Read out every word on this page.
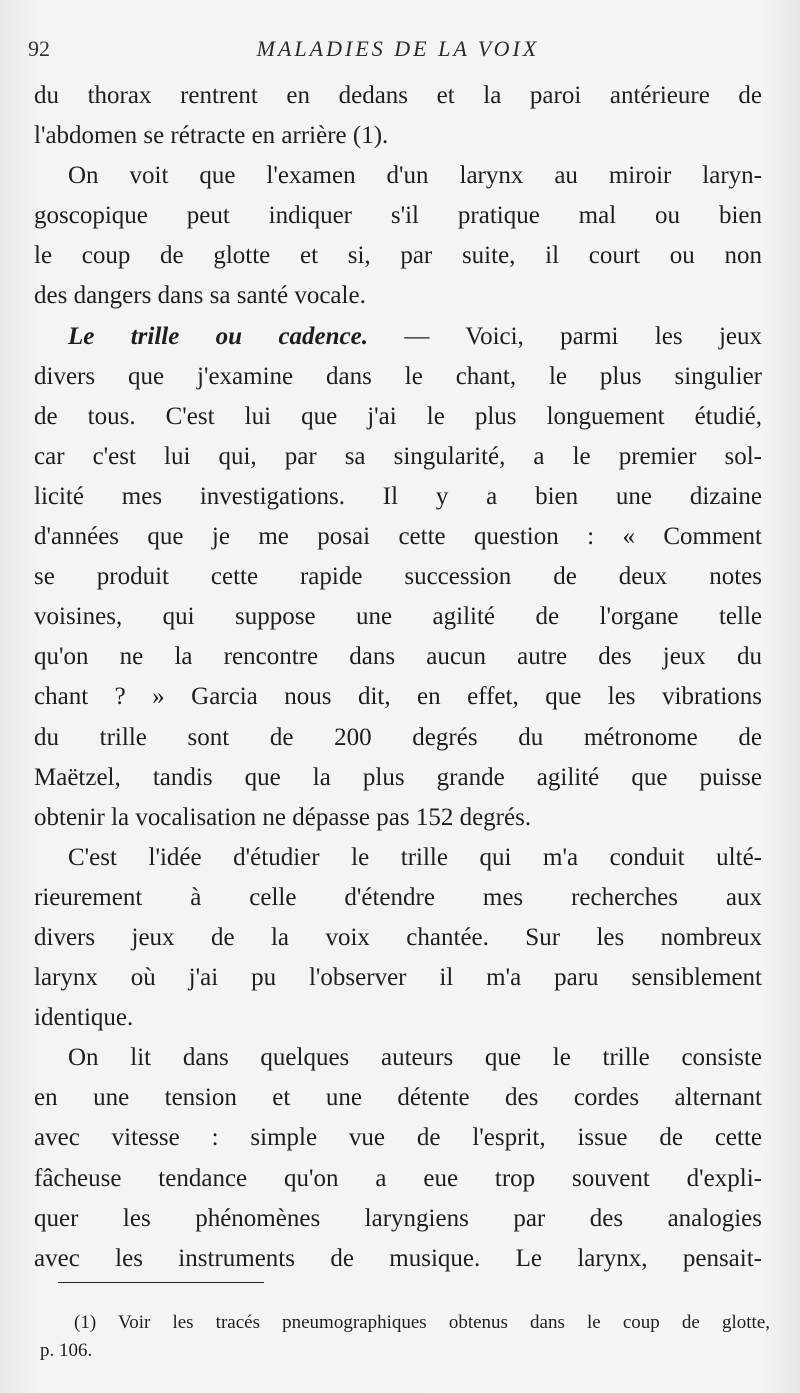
92	MALADIES DE LA VOIX
du thorax rentrent en dedans et la paroi antérieure de
l'abdomen se rétracte en arrière (1).
On voit que l'examen d'un larynx au miroir laryn-
goscopique peut indiquer s'il pratique mal ou bien
le coup de glotte et si, par suite, il court ou non
des dangers dans sa santé vocale.
Le trille ou cadence. — Voici, parmi les jeux
divers que j'examine dans le chant, le plus singulier
de tous. C'est lui que j'ai le plus longuement étudié,
car c'est lui qui, par sa singularité, a le premier sol-
licité mes investigations. Il y a bien une dizaine
d'années que je me posai cette question : « Comment
se produit cette rapide succession de deux notes
voisines, qui suppose une agilité de l'organe telle
qu'on ne la rencontre dans aucun autre des jeux du
chant ? » Garcia nous dit, en effet, que les vibrations
du trille sont de 200 degrés du métronome de
Maëtzel, tandis que la plus grande agilité que puisse
obtenir la vocalisation ne dépasse pas 152 degrés.
C'est l'idée d'étudier le trille qui m'a conduit ulté-
rieurement à celle d'étendre mes recherches aux
divers jeux de la voix chantée. Sur les nombreux
larynx où j'ai pu l'observer il m'a paru sensiblement
identique.
On lit dans quelques auteurs que le trille consiste
en une tension et une détente des cordes alternant
avec vitesse : simple vue de l'esprit, issue de cette
fâcheuse tendance qu'on a eue trop souvent d'expli-
quer les phénomènes laryngiens par des analogies
avec les instruments de musique. Le larynx, pensait-
(1) Voir les tracés pneumographiques obtenus dans le coup de glotte,
p. 106.
